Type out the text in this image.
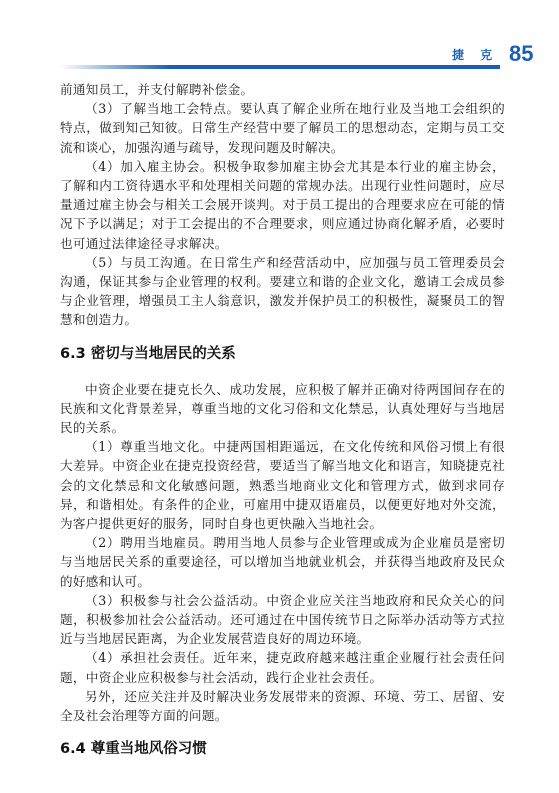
捷 克 85

前通知员工，并支付解聘补偿金。

（3）了解当地工会特点。要认真了解企业所在地行业及当地工会组织的特点，做到知己知彼。日常生产经营中要了解员工的思想动态，定期与员工交流和谈心，加强沟通与疏导，发现问题及时解决。

（4）加入雇主协会。积极争取参加雇主协会尤其是本行业的雇主协会，了解和内工资待遇水平和处理相关问题的常规办法。出现行业性问题时，应尽量通过雇主协会与相关工会展开谈判。对于员工提出的合理要求应在可能的情况下予以满足；对于工会提出的不合理要求，则应通过协商化解矛盾，必要时也可通过法律途径寻求解决。

（5）与员工沟通。在日常生产和经营活动中，应加强与员工管理委员会沟通，保证其参与企业管理的权利。要建立和谐的企业文化，邀请工会成员参与企业管理，增强员工主人翁意识，激发并保护员工的积极性，凝聚员工的智慧和创造力。

6.3 密切与当地居民的关系

中资企业要在捷克长久、成功发展，应积极了解并正确对待两国间存在的民族和文化背景差异，尊重当地的文化习俗和文化禁忌，认真处理好与当地居民的关系。

（1）尊重当地文化。中捷两国相距遥远，在文化传统和风俗习惯上有很大差异。中资企业在捷克投资经营，要适当了解当地文化和语言，知晓捷克社会的文化禁忌和文化敏感问题，熟悉当地商业文化和管理方式，做到求同存异，和谐相处。有条件的企业，可雇用中捷双语雇员，以便更好地对外交流，为客户提供更好的服务，同时自身也更快融入当地社会。

（2）聘用当地雇员。聘用当地人员参与企业管理或成为企业雇员是密切与当地居民关系的重要途径，可以增加当地就业机会，并获得当地政府及民众的好感和认可。

（3）积极参与社会公益活动。中资企业应关注当地政府和民众关心的问题，积极参加社会公益活动。还可通过在中国传统节日之际举办活动等方式拉近与当地居民距离，为企业发展营造良好的周边环境。

（4）承担社会责任。近年来，捷克政府越来越注重企业履行社会责任问题，中资企业应积极参与社会活动，践行企业社会责任。

另外，还应关注并及时解决业务发展带来的资源、环境、劳工、居留、安全及社会治理等方面的问题。

6.4 尊重当地风俗习惯
